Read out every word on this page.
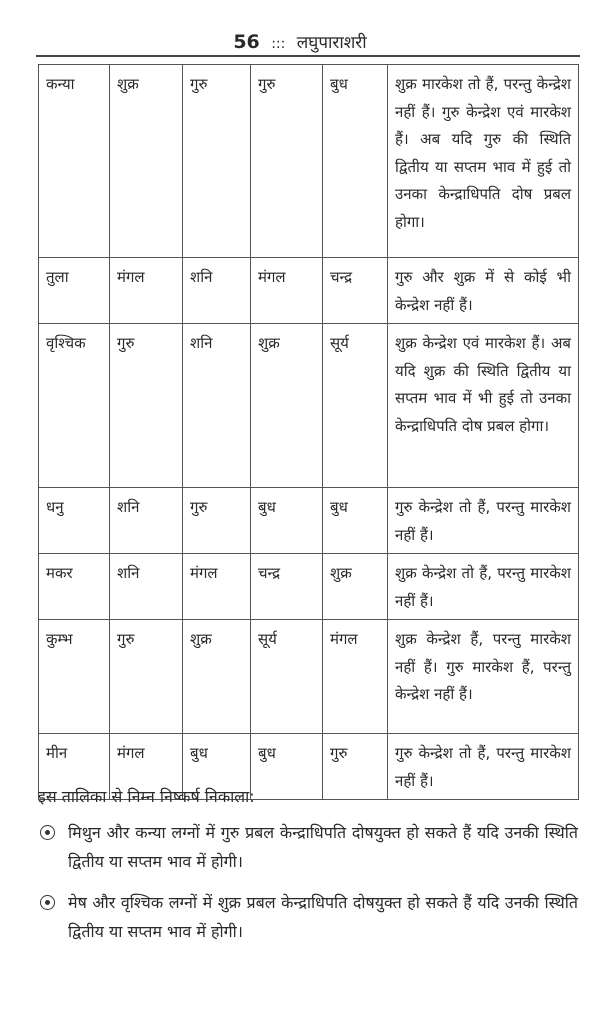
56 ::: लघुपाराशरी
कन्या	शुक्र	गुरु	गुरु	बुध	शुक्र मारकेश तो हैं, परन्तु केन्द्रेश नहीं हैं। गुरु केन्द्रेश एवं मारकेश हैं। अब यदि गुरु की स्थिति द्वितीय या सप्तम भाव में हुई तो उनका केन्द्राधिपति दोष प्रबल होगा।
तुला	मंगल	शनि	मंगल	चन्द्र	गुरु और शुक्र में से कोई भी केन्द्रेश नहीं हैं।
वृश्चिक	गुरु	शनि	शुक्र	सूर्य	शुक्र केन्द्रेश एवं मारकेश हैं। अब यदि शुक्र की स्थिति द्वितीय या सप्तम भाव में भी हुई तो उनका केन्द्राधिपति दोष प्रबल होगा।
धनु	शनि	गुरु	बुध	बुध	गुरु केन्द्रेश तो हैं, परन्तु मारकेश नहीं हैं।
मकर	शनि	मंगल	चन्द्र	शुक्र	शुक्र केन्द्रेश तो हैं, परन्तु मारकेश नहीं हैं।
कुम्भ	गुरु	शुक्र	सूर्य	मंगल	शुक्र केन्द्रेश हैं, परन्तु मारकेश नहीं हैं। गुरु मारकेश हैं, परन्तु केन्द्रेश नहीं हैं।
मीन	मंगल	बुध	बुध	गुरु	गुरु केन्द्रेश तो हैं, परन्तु मारकेश नहीं हैं।
इस तालिका से निम्न निष्कर्ष निकाला:
मिथुन और कन्या लग्नों में गुरु प्रबल केन्द्राधिपति दोषयुक्त हो सकते हैं यदि उनकी स्थिति द्वितीय या सप्तम भाव में होगी।
मेष और वृश्चिक लग्नों में शुक्र प्रबल केन्द्राधिपति दोषयुक्त हो सकते हैं यदि उनकी स्थिति द्वितीय या सप्तम भाव में होगी।
